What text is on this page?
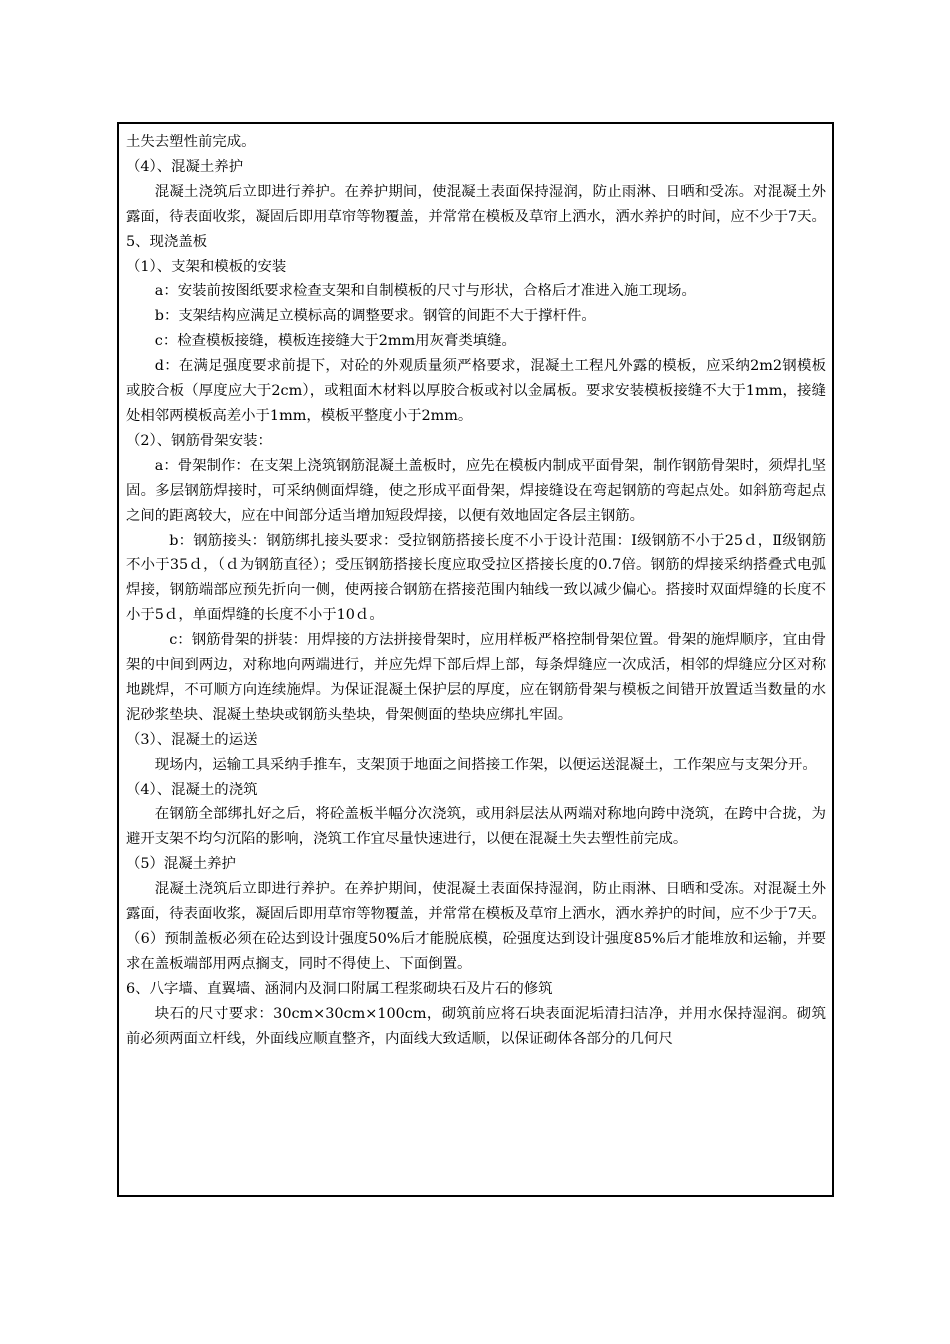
土失去塑性前完成。

（4）、混凝土养护

混凝土浇筑后立即进行养护。在养护期间，使混凝土表面保持湿润，防止雨淋、日晒和受冻。对混凝土外露面，待表面收浆，凝固后即用草帘等物覆盖，并常常在模板及草帘上洒水，洒水养护的时间，应不少于7天。

5、现浇盖板

（1）、支架和模板的安装

a：安装前按图纸要求检查支架和自制模板的尺寸与形状，合格后才准进入施工现场。

b：支架结构应满足立模标高的调整要求。钢管的间距不大于撑杆件。

c：检查模板接缝，模板连接缝大于2mm用灰膏类填缝。

d：在满足强度要求前提下，对砼的外观质量须严格要求，混凝土工程凡外露的模板，应采纳2m2钢模板或胶合板（厚度应大于2cm），或粗面木材料以厚胶合板或衬以金属板。要求安装模板接缝不大于1mm，接缝处相邻两模板高差小于1mm，模板平整度小于2mm。

（2）、钢筋骨架安装：

a：骨架制作：在支架上浇筑钢筋混凝土盖板时，应先在模板内制成平面骨架，制作钢筋骨架时，须焊扎坚固。多层钢筋焊接时，可采纳侧面焊缝，使之形成平面骨架，焊接缝设在弯起钢筋的弯起点处。如斜筋弯起点之间的距离较大，应在中间部分适当增加短段焊接，以便有效地固定各层主钢筋。

b：钢筋接头：钢筋绑扎接头要求：受拉钢筋搭接长度不小于设计范围：Ⅰ级钢筋不小于25ｄ，Ⅱ级钢筋不小于35ｄ，（ｄ为钢筋直径）；受压钢筋搭接长度应取受拉区搭接长度的0.7倍。钢筋的焊接采纳搭叠式电弧焊接，钢筋端部应预先折向一侧，使两接合钢筋在搭接范围内轴线一致以减少偏心。搭接时双面焊缝的长度不小于5ｄ，单面焊缝的长度不小于10ｄ。

c：钢筋骨架的拼装：用焊接的方法拼接骨架时，应用样板严格控制骨架位置。骨架的施焊顺序，宜由骨架的中间到两边，对称地向两端进行，并应先焊下部后焊上部，每条焊缝应一次成活，相邻的焊缝应分区对称地跳焊，不可顺方向连续施焊。为保证混凝土保护层的厚度，应在钢筋骨架与模板之间错开放置适当数量的水泥砂浆垫块、混凝土垫块或钢筋头垫块，骨架侧面的垫块应绑扎牢固。

（3）、混凝土的运送

现场内，运输工具采纳手推车，支架顶于地面之间搭接工作架，以便运送混凝土，工作架应与支架分开。

（4）、混凝土的浇筑

在钢筋全部绑扎好之后，将砼盖板半幅分次浇筑，或用斜层法从两端对称地向跨中浇筑，在跨中合拢，为避开支架不均匀沉陷的影响，浇筑工作宜尽量快速进行，以便在混凝土失去塑性前完成。

（5）混凝土养护

混凝土浇筑后立即进行养护。在养护期间，使混凝土表面保持湿润，防止雨淋、日晒和受冻。对混凝土外露面，待表面收浆，凝固后即用草帘等物覆盖，并常常在模板及草帘上洒水，洒水养护的时间，应不少于7天。

（6）预制盖板必须在砼达到设计强度50%后才能脱底模，砼强度达到设计强度85%后才能堆放和运输，并要求在盖板端部用两点搁支，同时不得使上、下面倒置。

6、八字墙、直翼墙、涵洞内及洞口附属工程浆砌块石及片石的修筑

块石的尺寸要求：30cm×30cm×100cm，砌筑前应将石块表面泥垢清扫洁净，并用水保持湿润。砌筑前必须两面立杆线，外面线应顺直整齐，内面线大致适顺，以保证砌体各部分的几何尺
